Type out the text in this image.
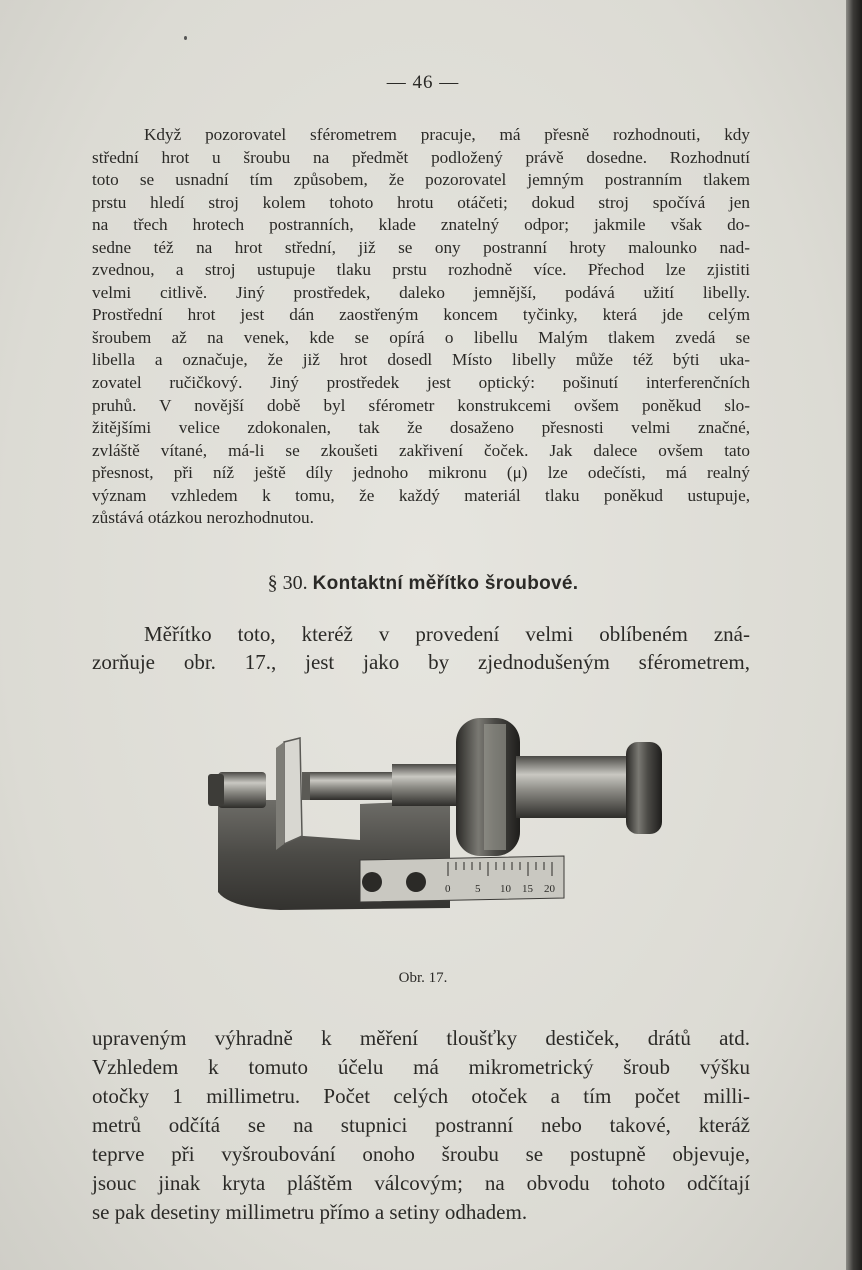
— 46 —
Když pozorovatel sférometrem pracuje, má přesně rozhodnouti, kdy
střední hrot u šroubu na předmět podložený právě dosedne. Rozhodnutí
toto se usnadní tím způsobem, že pozorovatel jemným postranním tlakem
prstu hledí stroj kolem tohoto hrotu otáčeti; dokud stroj spočívá jen
na třech hrotech postranních, klade znatelný odpor; jakmile však do-
sedne též na hrot střední, již se ony postranní hroty malounko nad-
zvednou, a stroj ustupuje tlaku prstu rozhodně více. Přechod lze zjistiti
velmi citlivě. Jiný prostředek, daleko jemnější, podává užití libelly.
Prostřední hrot jest dán zaostřeným koncem tyčinky, která jde celým
šroubem až na venek, kde se opírá o libellu Malým tlakem zvedá se
libella a označuje, že již hrot dosedl Místo libelly může též býti uka-
zovatel ručičkový. Jiný prostředek jest optický: pošinutí interferenčních
pruhů. V novější době byl sférometr konstrukcemi ovšem poněkud slo-
žitějšími velice zdokonalen, tak že dosaženo přesnosti velmi značné,
zvláště vítané, má-li se zkoušeti zakřivení čoček. Jak dalece ovšem tato
přesnost, při níž ještě díly jednoho mikronu (μ) lze odečísti, má realný
význam vzhledem k tomu, že každý materiál tlaku poněkud ustupuje,
zůstává otázkou nerozhodnutou.
§ 30. Kontaktní měřítko šroubové.
Měřítko toto, kteréž v provedení velmi oblíbeném zná-
zorňuje obr. 17., jest jako by zjednodušeným sférometrem,
0 5 10 15 20
Obr. 17.
upraveným výhradně k měření tloušťky destiček, drátů atd.
Vzhledem k tomuto účelu má mikrometrický šroub výšku
otočky 1 millimetru. Počet celých otoček a tím počet milli-
metrů odčítá se na stupnici postranní nebo takové, kteráž
teprve při vyšroubování onoho šroubu se postupně objevuje,
jsouc jinak kryta pláštěm válcovým; na obvodu tohoto odčítají
se pak desetiny millimetru přímo a setiny odhadem.
